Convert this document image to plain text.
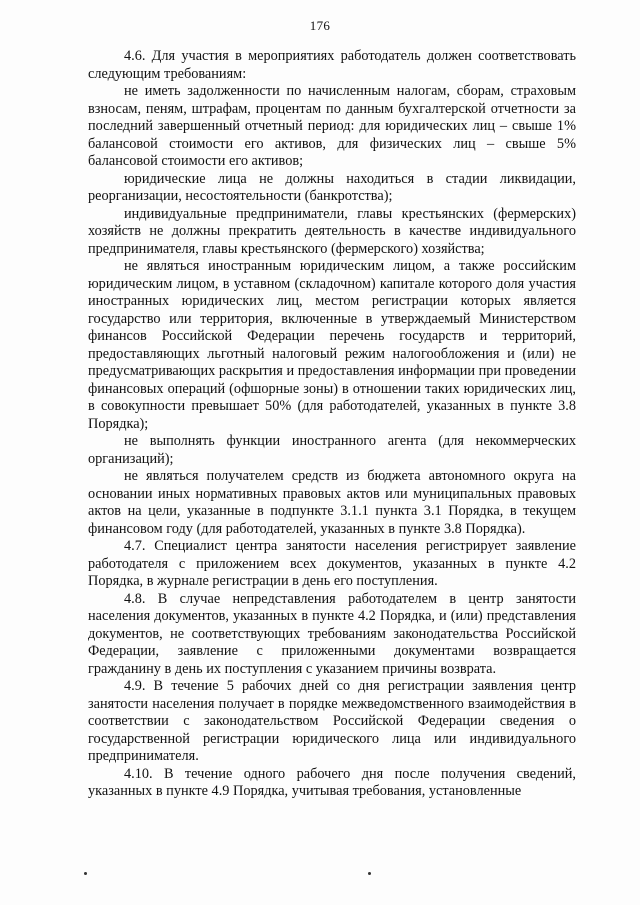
176

4.6. Для участия в мероприятиях работодатель должен соответствовать следующим требованиям:

не иметь задолженности по начисленным налогам, сборам, страховым взносам, пеням, штрафам, процентам по данным бухгалтерской отчетности за последний завершенный отчетный период: для юридических лиц – свыше 1% балансовой стоимости его активов, для физических лиц – свыше 5% балансовой стоимости его активов;

юридические лица не должны находиться в стадии ликвидации, реорганизации, несостоятельности (банкротства);

индивидуальные предприниматели, главы крестьянских (фермерских) хозяйств не должны прекратить деятельность в качестве индивидуального предпринимателя, главы крестьянского (фермерского) хозяйства;

не являться иностранным юридическим лицом, а также российским юридическим лицом, в уставном (складочном) капитале которого доля участия иностранных юридических лиц, местом регистрации которых является государство или территория, включенные в утверждаемый Министерством финансов Российской Федерации перечень государств и территорий, предоставляющих льготный налоговый режим налогообложения и (или) не предусматривающих раскрытия и предоставления информации при проведении финансовых операций (офшорные зоны) в отношении таких юридических лиц, в совокупности превышает 50% (для работодателей, указанных в пункте 3.8 Порядка);

не выполнять функции иностранного агента (для некоммерческих организаций);

не являться получателем средств из бюджета автономного округа на основании иных нормативных правовых актов или муниципальных правовых актов на цели, указанные в подпункте 3.1.1 пункта 3.1 Порядка, в текущем финансовом году (для работодателей, указанных в пункте 3.8 Порядка).

4.7. Специалист центра занятости населения регистрирует заявление работодателя с приложением всех документов, указанных в пункте 4.2 Порядка, в журнале регистрации в день его поступления.

4.8. В случае непредставления работодателем в центр занятости населения документов, указанных в пункте 4.2 Порядка, и (или) представления документов, не соответствующих требованиям законодательства Российской Федерации, заявление с приложенными документами возвращается гражданину в день их поступления с указанием причины возврата.

4.9. В течение 5 рабочих дней со дня регистрации заявления центр занятости населения получает в порядке межведомственного взаимодействия в соответствии с законодательством Российской Федерации сведения о государственной регистрации юридического лица или индивидуального предпринимателя.

4.10. В течение одного рабочего дня после получения сведений, указанных в пункте 4.9 Порядка, учитывая требования, установленные
